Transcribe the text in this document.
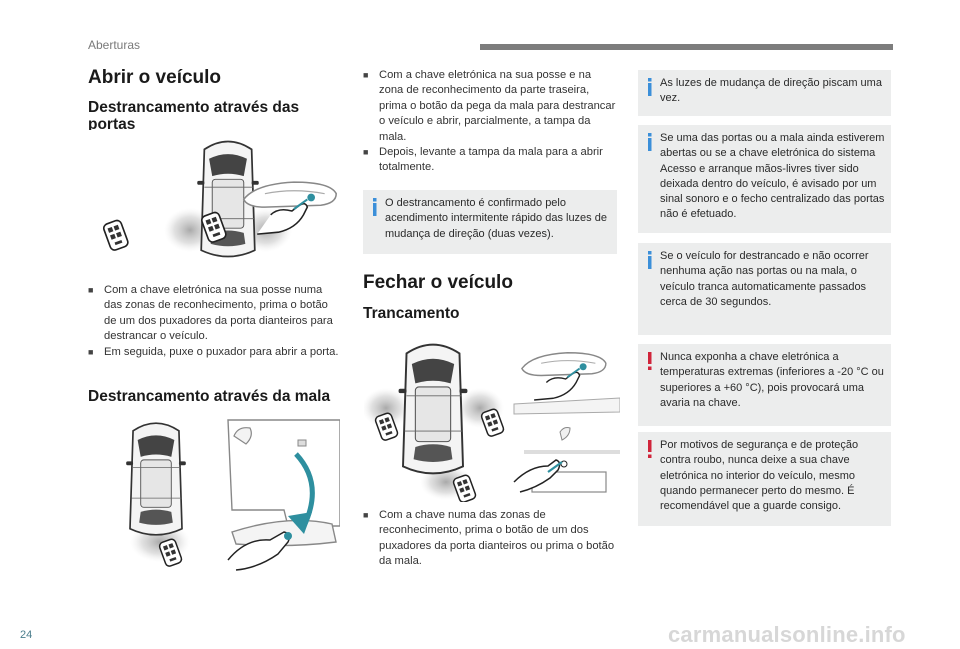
Aberturas
Abrir o veículo
Destrancamento através das portas
■ Com a chave eletrónica na sua posse numa das zonas de reconhecimento, prima o botão de um dos puxadores da porta dianteiros para destrancar o veículo.
■ Em seguida, puxe o puxador para abrir a porta.
Destrancamento através da mala
■ Com a chave eletrónica na sua posse e na zona de reconhecimento da parte traseira, prima o botão da pega da mala para destrancar o veículo e abrir, parcialmente, a tampa da mala.
■ Depois, levante a tampa da mala para a abrir totalmente.
O destrancamento é confirmado pelo acendimento intermitente rápido das luzes de mudança de direção (duas vezes).
Fechar o veículo
Trancamento
■ Com a chave numa das zonas de reconhecimento, prima o botão de um dos puxadores da porta dianteiros ou prima o botão da mala.
As luzes de mudança de direção piscam uma vez.
Se uma das portas ou a mala ainda estiverem abertas ou se a chave eletrónica do sistema Acesso e arranque mãos-livres tiver sido deixada dentro do veículo, é avisado por um sinal sonoro e o fecho centralizado das portas não é efetuado.
Se o veículo for destrancado e não ocorrer nenhuma ação nas portas ou na mala, o veículo tranca automaticamente passados cerca de 30 segundos.
Nunca exponha a chave eletrónica a temperaturas extremas (inferiores a -20 °C ou superiores a +60 °C), pois provocará uma avaria na chave.
Por motivos de segurança e de proteção contra roubo, nunca deixe a sua chave eletrónica no interior do veículo, mesmo quando permanecer perto do mesmo. É recomendável que a guarde consigo.
24	carmanualsonline.info
